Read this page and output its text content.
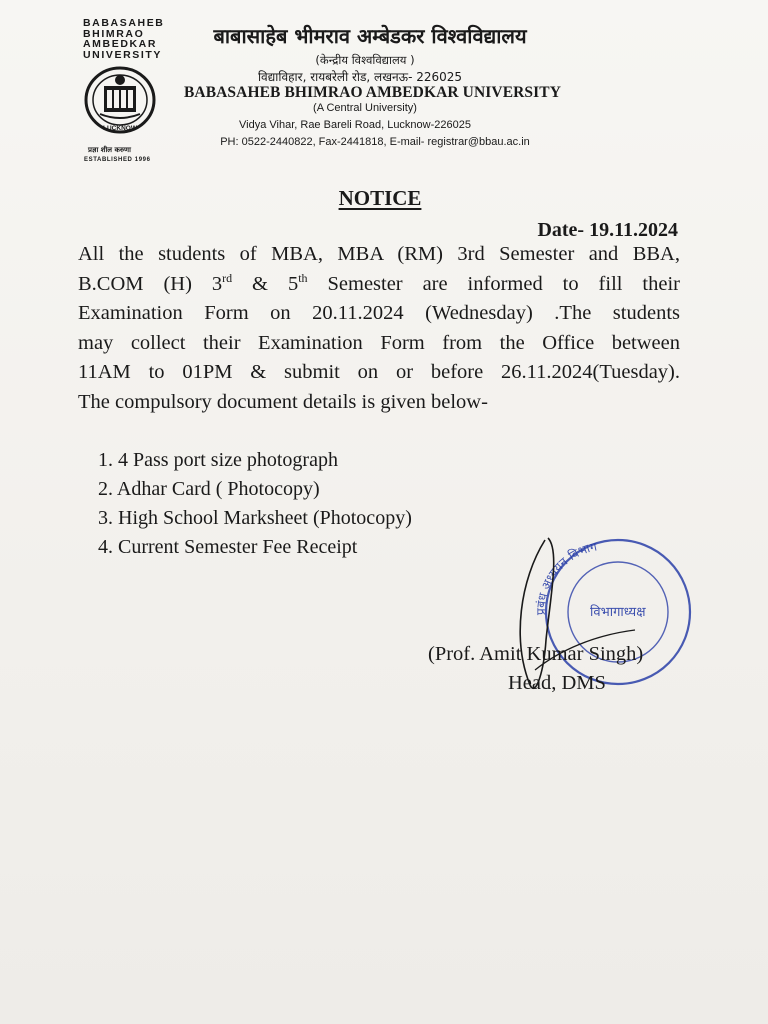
BABASAHEB
BHIMRAO
AMBEDKAR
UNIVERSITY
LUCKNOW
प्रज्ञा शील करुणा
ESTABLISHED 1996
बाबासाहेब भीमराव अम्बेडकर विश्वविद्यालय
(केन्द्रीय विश्वविद्यालय )
विद्याविहार, रायबरेली रोड, लखनऊ- 226025
BABASAHEB BHIMRAO AMBEDKAR UNIVERSITY
(A Central University)
Vidya Vihar, Rae Bareli Road, Lucknow-226025
PH: 0522-2440822, Fax-2441818, E-mail- registrar@bbau.ac.in
NOTICE
Date- 19.11.2024
All the students of MBA, MBA (RM) 3rd Semester and BBA,
B.COM (H) 3rd & 5th Semester are informed to fill their
Examination Form on 20.11.2024 (Wednesday) .The students
may collect their Examination Form from the Office between
11AM to 01PM & submit on or before 26.11.2024(Tuesday).
The compulsory document details is given below-
1. 4 Pass port size photograph
2. Adhar Card ( Photocopy)
3. High School Marksheet (Photocopy)
4. Current Semester Fee Receipt
प्रबंध अध्ययन विभाग
विभागाध्यक्ष
(Prof. Amit Kumar Singh)
Head, DMS
